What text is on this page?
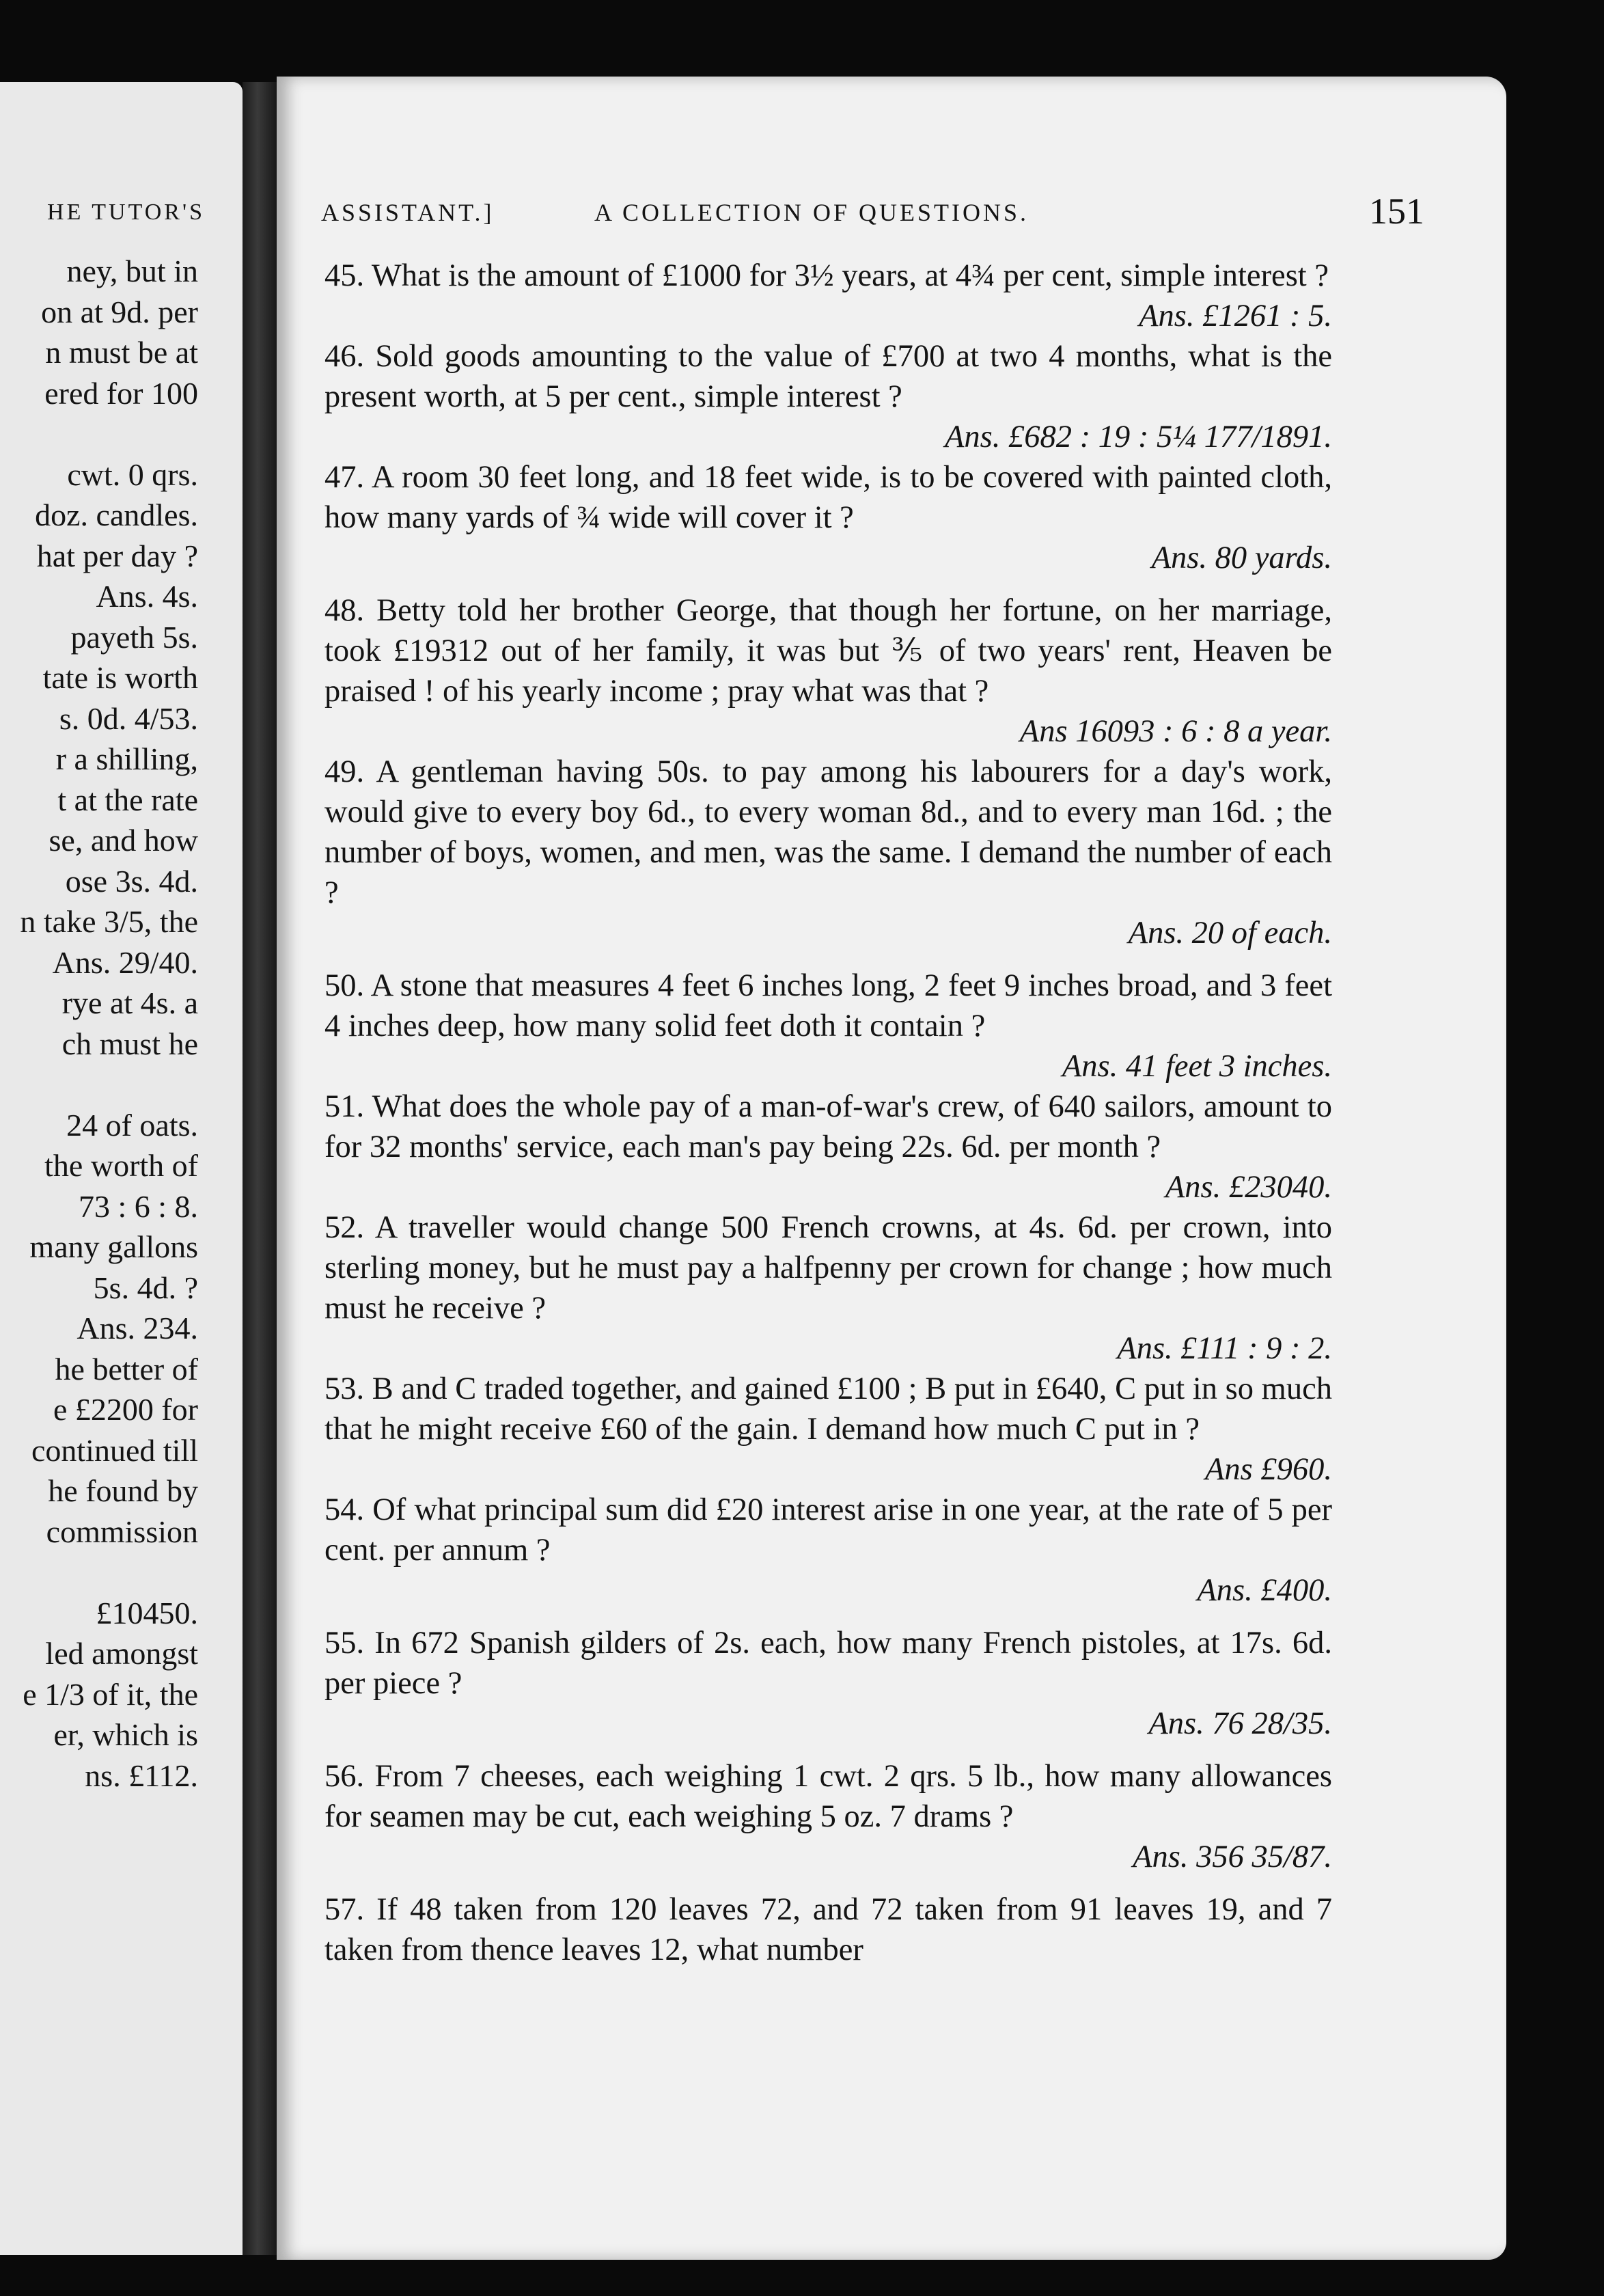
HE TUTOR'S
ney, but in
on at 9d. per
n must be at
ered for 100
cwt. 0 qrs.
doz. candles.
hat per day ?
Ans. 4s.
payeth 5s.
tate is worth
s. 0d. 4/53.
r a shilling,
t at the rate
se, and how
ose 3s. 4d.
n take 3/5, the
Ans. 29/40.
rye at 4s. a
ch must he
24 of oats.
the worth of
73 : 6 : 8.
many gallons
5s. 4d. ?
Ans. 234.
he better of
e £2200 for
continued till
he found by
commission
£10450.
led amongst
e 1/3 of it, the
er, which is
ns. £112.
ASSISTANT.]	A COLLECTION OF QUESTIONS.	151

45. What is the amount of £1000 for 3½ years, at 4¾ per cent, simple interest ?

Ans. £1261 : 5.

46. Sold goods amounting to the value of £700 at two 4 months, what is the present worth, at 5 per cent., simple interest ?

Ans. £682 : 19 : 5¼ 177/1891.

47. A room 30 feet long, and 18 feet wide, is to be covered with painted cloth, how many yards of ¾ wide will cover it ?

Ans. 80 yards.

48. Betty told her brother George, that though her fortune, on her marriage, took £19312 out of her family, it was but ⅗ of two years' rent, Heaven be praised ! of his yearly income ; pray what was that ?

Ans 16093 : 6 : 8 a year.

49. A gentleman having 50s. to pay among his labourers for a day's work, would give to every boy 6d., to every woman 8d., and to every man 16d. ; the number of boys, women, and men, was the same. I demand the number of each ?

Ans. 20 of each.

50. A stone that measures 4 feet 6 inches long, 2 feet 9 inches broad, and 3 feet 4 inches deep, how many solid feet doth it contain ?

Ans. 41 feet 3 inches.

51. What does the whole pay of a man-of-war's crew, of 640 sailors, amount to for 32 months' service, each man's pay being 22s. 6d. per month ?

Ans. £23040.

52. A traveller would change 500 French crowns, at 4s. 6d. per crown, into sterling money, but he must pay a halfpenny per crown for change ; how much must he receive ?

Ans. £111 : 9 : 2.

53. B and C traded together, and gained £100 ; B put in £640, C put in so much that he might receive £60 of the gain. I demand how much C put in ?

Ans £960.

54. Of what principal sum did £20 interest arise in one year, at the rate of 5 per cent. per annum ?

Ans. £400.

55. In 672 Spanish gilders of 2s. each, how many French pistoles, at 17s. 6d. per piece ?

Ans. 76 28/35.

56. From 7 cheeses, each weighing 1 cwt. 2 qrs. 5 lb., how many allowances for seamen may be cut, each weighing 5 oz. 7 drams ?

Ans. 356 35/87.

57. If 48 taken from 120 leaves 72, and 72 taken from 91 leaves 19, and 7 taken from thence leaves 12, what number
